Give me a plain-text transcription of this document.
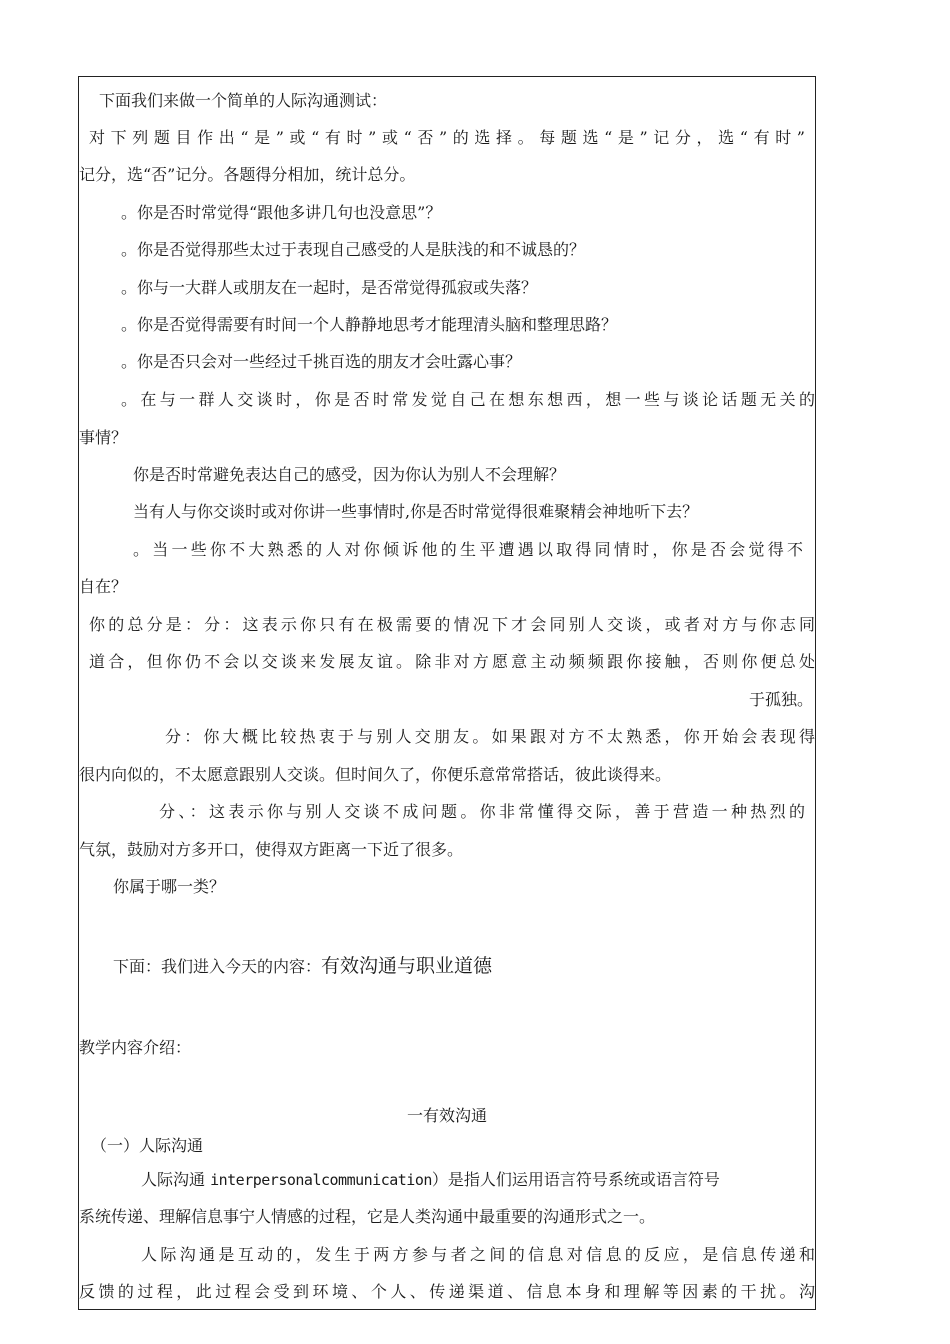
下面我们来做一个简单的人际沟通测试：
对下列题目作出“是”或“有时”或“否”的选择。每题选“是”记分，选“有时”
记分，选“否”记分。各题得分相加，统计总分。
。你是否时常觉得“跟他多讲几句也没意思”？
。你是否觉得那些太过于表现自己感受的人是肤浅的和不诚恳的？
。你与一大群人或朋友在一起时，是否常觉得孤寂或失落？
。你是否觉得需要有时间一个人静静地思考才能理清头脑和整理思路？
。你是否只会对一些经过千挑百选的朋友才会吐露心事？
。在与一群人交谈时，你是否时常发觉自己在想东想西，想一些与谈论话题无关的
事情？
你是否时常避免表达自己的感受，因为你认为别人不会理解？
当有人与你交谈时或对你讲一些事情时,你是否时常觉得很难聚精会神地听下去？
。当一些你不大熟悉的人对你倾诉他的生平遭遇以取得同情时，你是否会觉得不
自在？
你的总分是：分：这表示你只有在极需要的情况下才会同别人交谈，或者对方与你志同
道合，但你仍不会以交谈来发展友谊。除非对方愿意主动频频跟你接触，否则你便总处
于孤独。
分：你大概比较热衷于与别人交朋友。如果跟对方不太熟悉，你开始会表现得
很内向似的，不太愿意跟别人交谈。但时间久了，你便乐意常常搭话，彼此谈得来。
分、：这表示你与别人交谈不成问题。你非常懂得交际，善于营造一种热烈的
气氛，鼓励对方多开口，使得双方距离一下近了很多。
你属于哪一类？
下面：我们进入今天的内容：有效沟通与职业道德
教学内容介绍：
一有效沟通
（一）人际沟通
人际沟通 interpersonalcommunication）是指人们运用语言符号系统或语言符号
系统传递、理解信息事宁人情感的过程，它是人类沟通中最重要的沟通形式之一。
人际沟通是互动的，发生于两方参与者之间的信息对信息的反应，是信息传递和
反馈的过程，此过程会受到环境、个人、传递渠道、信息本身和理解等因素的干扰。沟
